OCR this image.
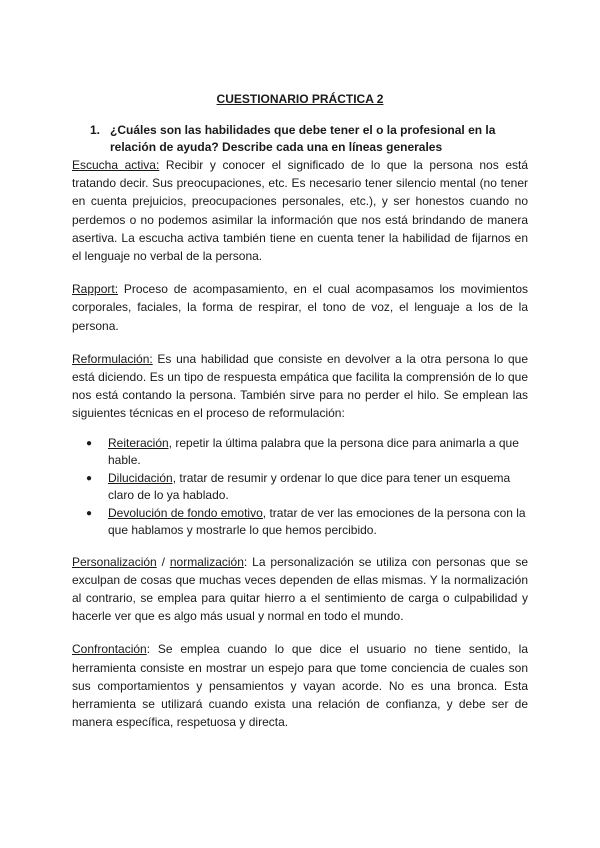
CUESTIONARIO PRÁCTICA 2
1. ¿Cuáles son las habilidades que debe tener el o la profesional en la relación de ayuda? Describe cada una en líneas generales

Escucha activa: Recibir y conocer el significado de lo que la persona nos está tratando decir. Sus preocupaciones, etc. Es necesario tener silencio mental (no tener en cuenta prejuicios, preocupaciones personales, etc.), y ser honestos cuando no perdemos o no podemos asimilar la información que nos está brindando de manera asertiva. La escucha activa también tiene en cuenta tener la habilidad de fijarnos en el lenguaje no verbal de la persona.

Rapport: Proceso de acompasamiento, en el cual acompasamos los movimientos corporales, faciales, la forma de respirar, el tono de voz, el lenguaje a los de la persona.

Reformulación: Es una habilidad que consiste en devolver a la otra persona lo que está diciendo. Es un tipo de respuesta empática que facilita la comprensión de lo que nos está contando la persona. También sirve para no perder el hilo. Se emplean las siguientes técnicas en el proceso de reformulación:

●	Reiteración, repetir la última palabra que la persona dice para animarla a que hable.
●	Dilucidación, tratar de resumir y ordenar lo que dice para tener un esquema claro de lo ya hablado.
●	Devolución de fondo emotivo, tratar de ver las emociones de la persona con la que hablamos y mostrarle lo que hemos percibido.

Personalización / normalización: La personalización se utiliza con personas que se exculpan de cosas que muchas veces dependen de ellas mismas. Y la normalización al contrario, se emplea para quitar hierro a el sentimiento de carga o culpabilidad y hacerle ver que es algo más usual y normal en todo el mundo.

Confrontación: Se emplea cuando lo que dice el usuario no tiene sentido, la herramienta consiste en mostrar un espejo para que tome conciencia de cuales son sus comportamientos y pensamientos y vayan acorde. No es una bronca. Esta herramienta se utilizará cuando exista una relación de confianza, y debe ser de manera específica, respetuosa y directa.
